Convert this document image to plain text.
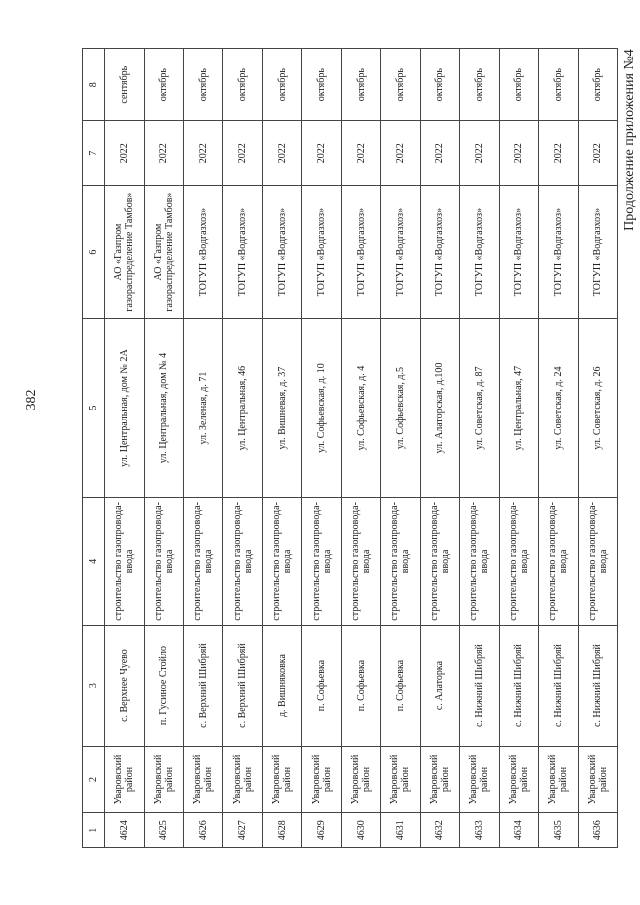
382
Продолжение приложения №4
1	2	3	4	5	6	7	8
4624	Уваровский район	с. Верхнее Чуево	строительство газопровода-ввода	ул. Центральная, дом № 2А	АО «Газпром газораспределение Тамбов»	2022	сентябрь
4625	Уваровский район	п. Гусиное Стойло	строительство газопровода-ввода	ул. Центральная, дом № 4	АО «Газпром газораспределение Тамбов»	2022	октябрь
4626	Уваровский район	с. Верхний Шибряй	строительство газопровода-ввода	ул. Зеленая, д. 71	ТОГУП «Водгазхоз»	2022	октябрь
4627	Уваровский район	с. Верхний Шибряй	строительство газопровода-ввода	ул. Центральная, 46	ТОГУП «Водгазхоз»	2022	октябрь
4628	Уваровский район	д. Вишняковка	строительство газопровода-ввода	ул. Вишневая, д. 37	ТОГУП «Водгазхоз»	2022	октябрь
4629	Уваровский район	п. Софьевка	строительство газопровода-ввода	ул. Софьевская, д. 10	ТОГУП «Водгазхоз»	2022	октябрь
4630	Уваровский район	п. Софьевка	строительство газопровода-ввода	ул. Софьевская, д. 4	ТОГУП «Водгазхоз»	2022	октябрь
4631	Уваровский район	п. Софьевка	строительство газопровода-ввода	ул. Софьевская, д.5	ТОГУП «Водгазхоз»	2022	октябрь
4632	Уваровский район	с. Алаторка	строительство газопровода-ввода	ул. Алаторская, д.100	ТОГУП «Водгазхоз»	2022	октябрь
4633	Уваровский район	с. Нижний Шибряй	строительство газопровода-ввода	ул. Советская, д. 87	ТОГУП «Водгазхоз»	2022	октябрь
4634	Уваровский район	с. Нижний Шибряй	строительство газопровода-ввода	ул. Центральная, 47	ТОГУП «Водгазхоз»	2022	октябрь
4635	Уваровский район	с. Нижний Шибряй	строительство газопровода-ввода	ул. Советская, д. 24	ТОГУП «Водгазхоз»	2022	октябрь
4636	Уваровский район	с. Нижний Шибряй	строительство газопровода-ввода	ул. Советская, д. 26	ТОГУП «Водгазхоз»	2022	октябрь
